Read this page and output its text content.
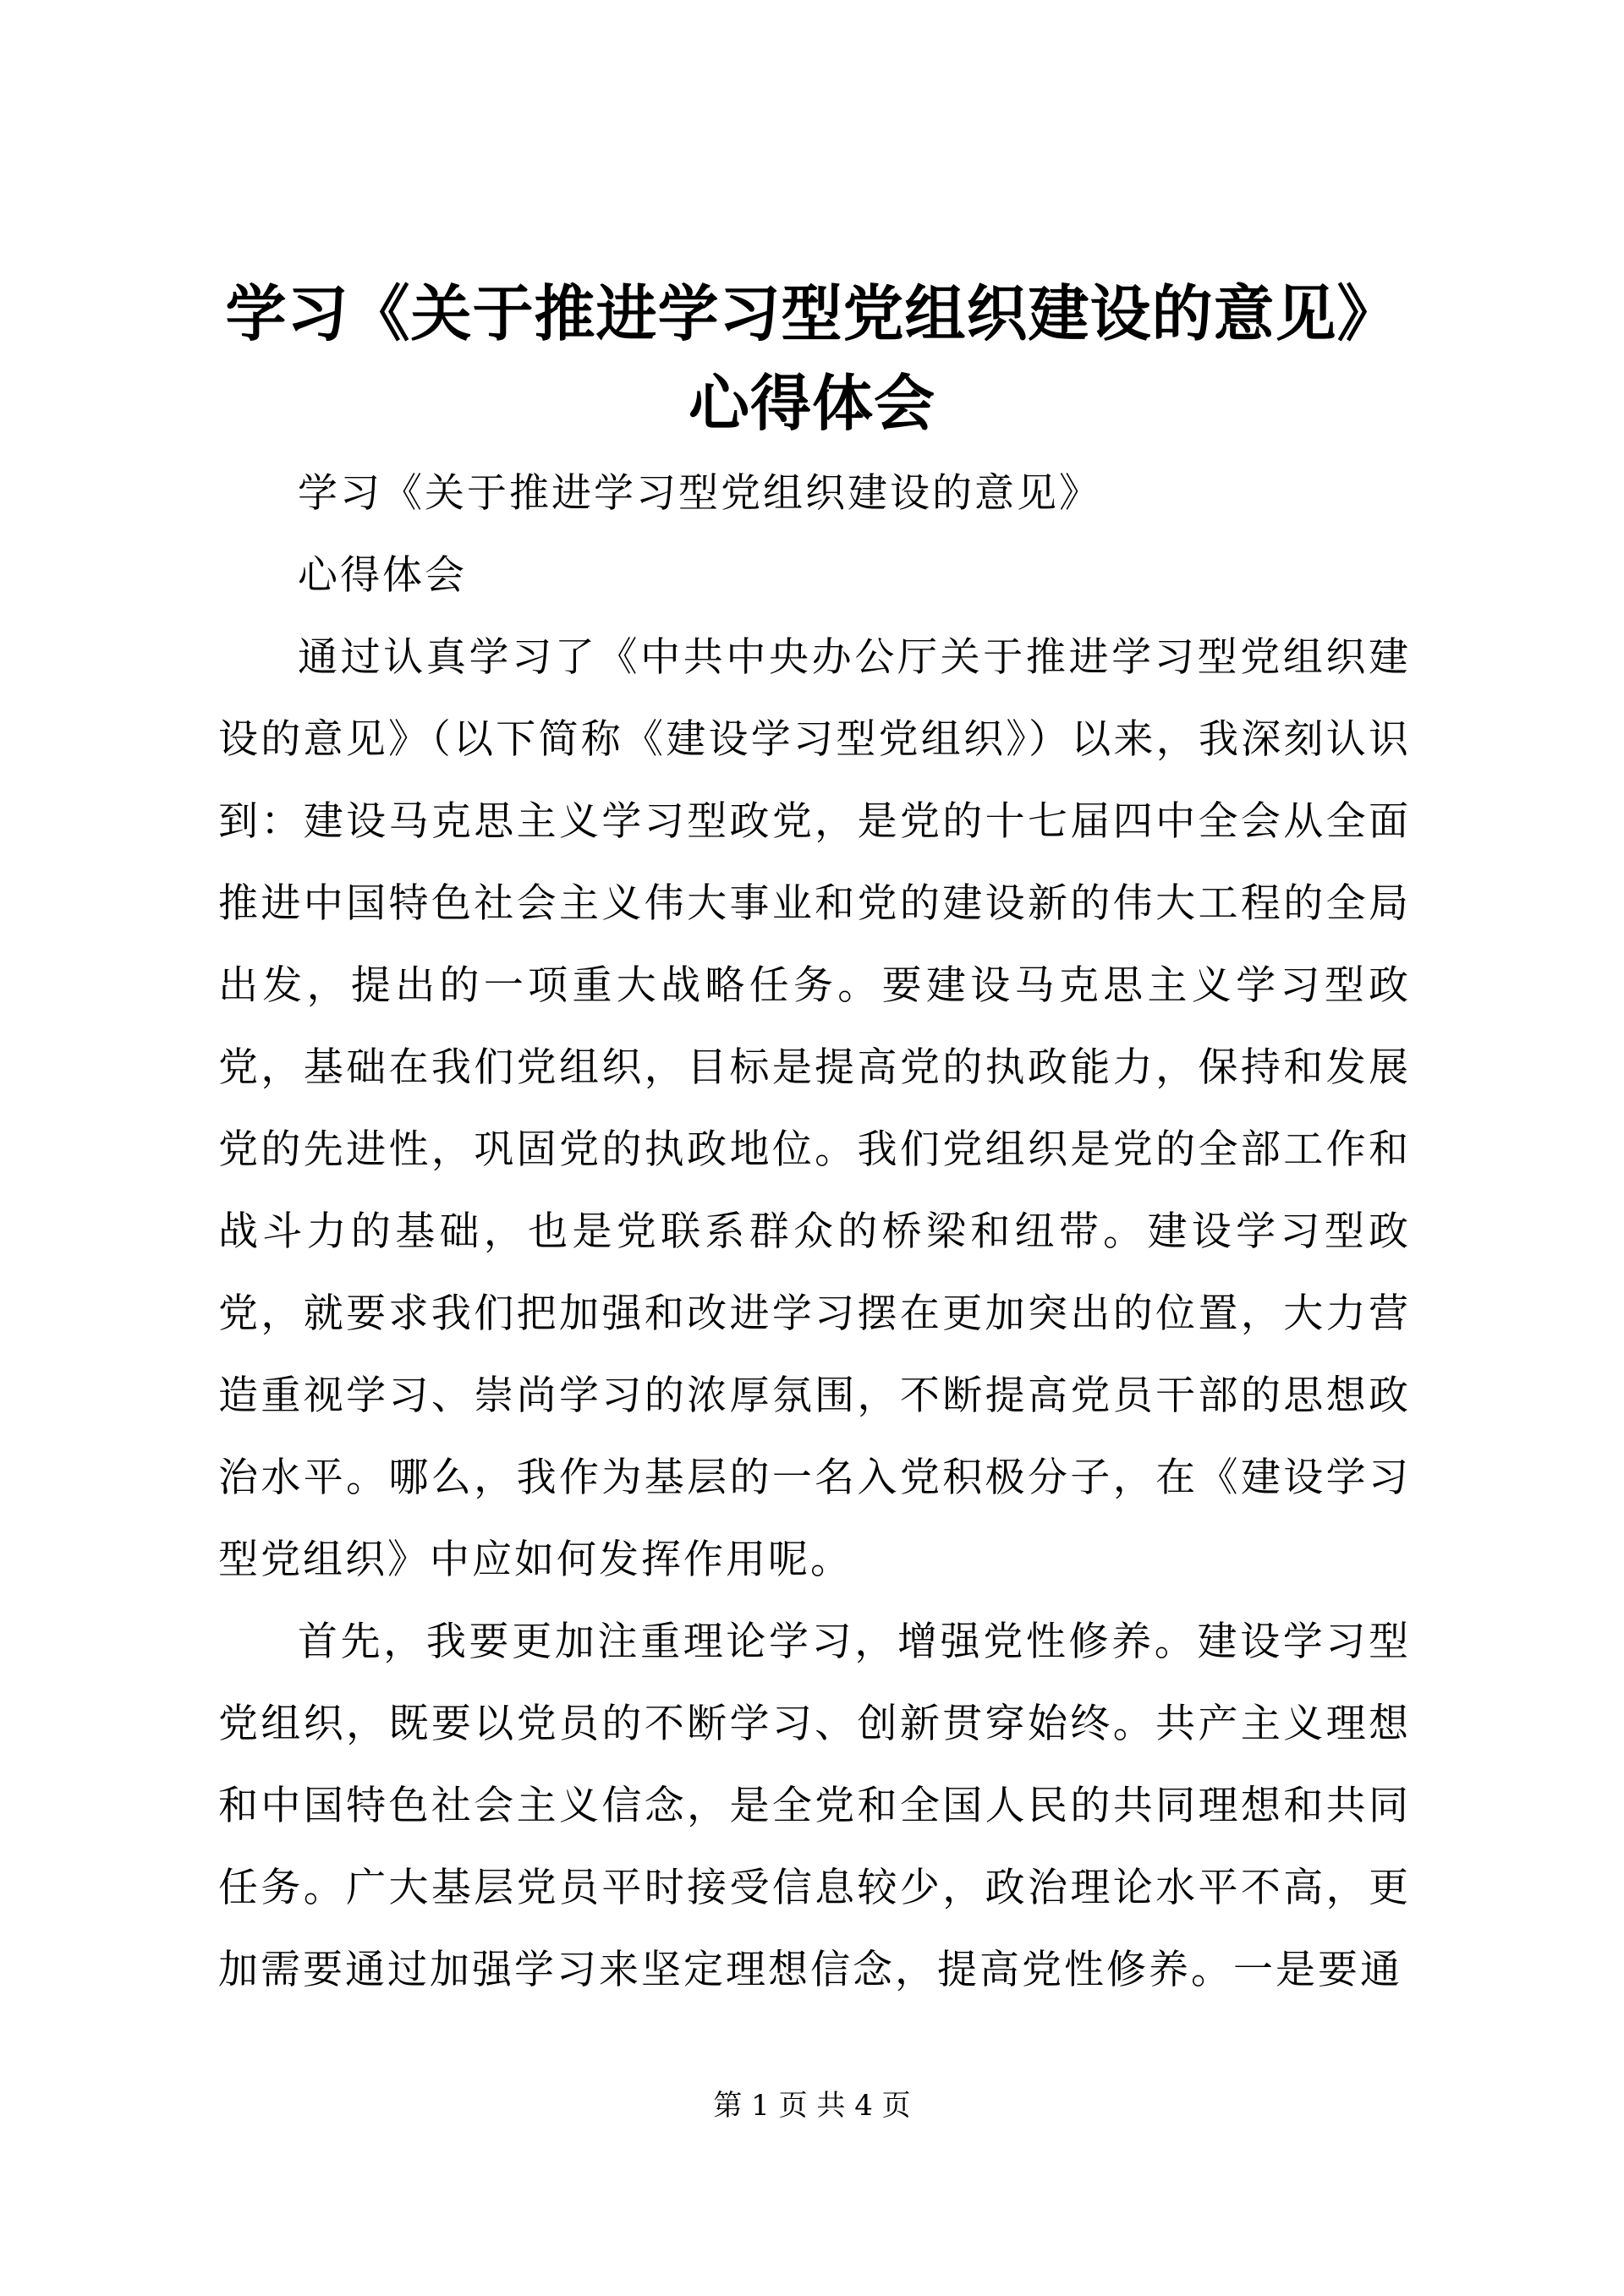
学习《关于推进学习型党组织建设的意见》心得体会

学习《关于推进学习型党组织建设的意见》

心得体会

通过认真学习了《中共中央办公厅关于推进学习型党组织建设的意见》（以下简称《建设学习型党组织》）以来，我深刻认识到：建设马克思主义学习型政党，是党的十七届四中全会从全面推进中国特色社会主义伟大事业和党的建设新的伟大工程的全局出发，提出的一项重大战略任务。要建设马克思主义学习型政党，基础在我们党组织，目标是提高党的执政能力，保持和发展党的先进性，巩固党的执政地位。我们党组织是党的全部工作和战斗力的基础，也是党联系群众的桥梁和纽带。建设学习型政党，就要求我们把加强和改进学习摆在更加突出的位置，大力营造重视学习、崇尚学习的浓厚氛围，不断提高党员干部的思想政治水平。哪么，我作为基层的一名入党积极分子，在《建设学习型党组织》中应如何发挥作用呢。

首先，我要更加注重理论学习，增强党性修养。建设学习型党组织，既要以党员的不断学习、创新贯穿始终。共产主义理想和中国特色社会主义信念，是全党和全国人民的共同理想和共同任务。广大基层党员平时接受信息较少，政治理论水平不高，更加需要通过加强学习来坚定理想信念，提高党性修养。一是要通

第 1 页 共 4 页
